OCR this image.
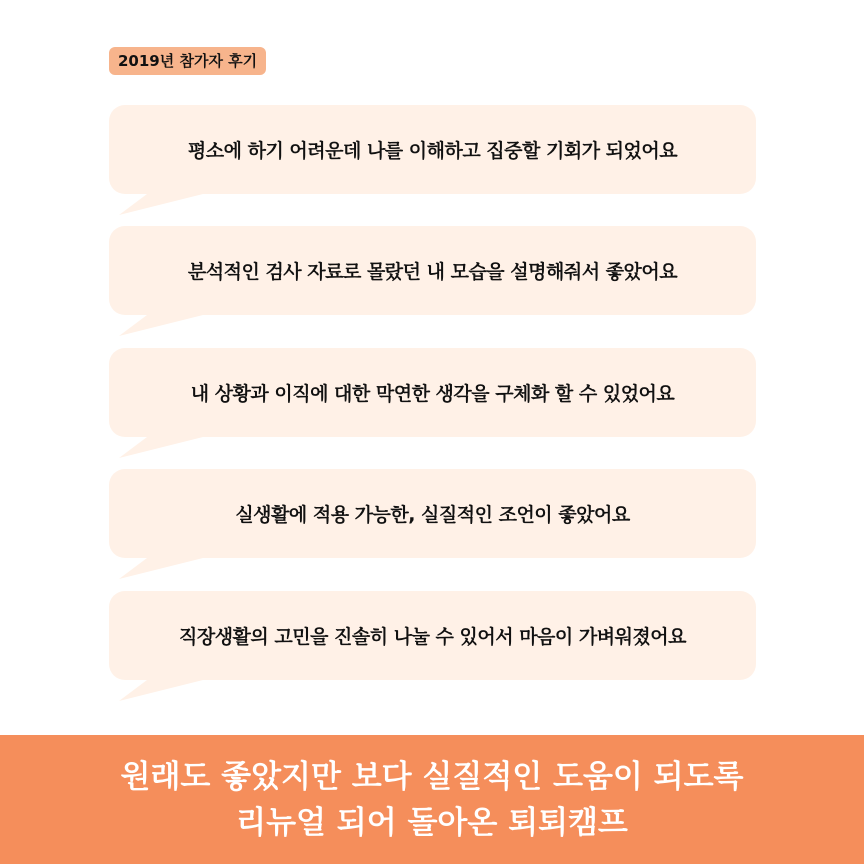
2019년 참가자 후기
평소에 하기 어려운데 나를 이해하고 집중할 기회가 되었어요
분석적인 검사 자료로 몰랐던 내 모습을 설명해줘서 좋았어요
내 상황과 이직에 대한 막연한 생각을 구체화 할 수 있었어요
실생활에 적용 가능한, 실질적인 조언이 좋았어요
직장생활의 고민을 진솔히 나눌 수 있어서 마음이 가벼워졌어요
원래도 좋았지만 보다 실질적인 도움이 되도록
리뉴얼 되어 돌아온 퇴퇴캠프
